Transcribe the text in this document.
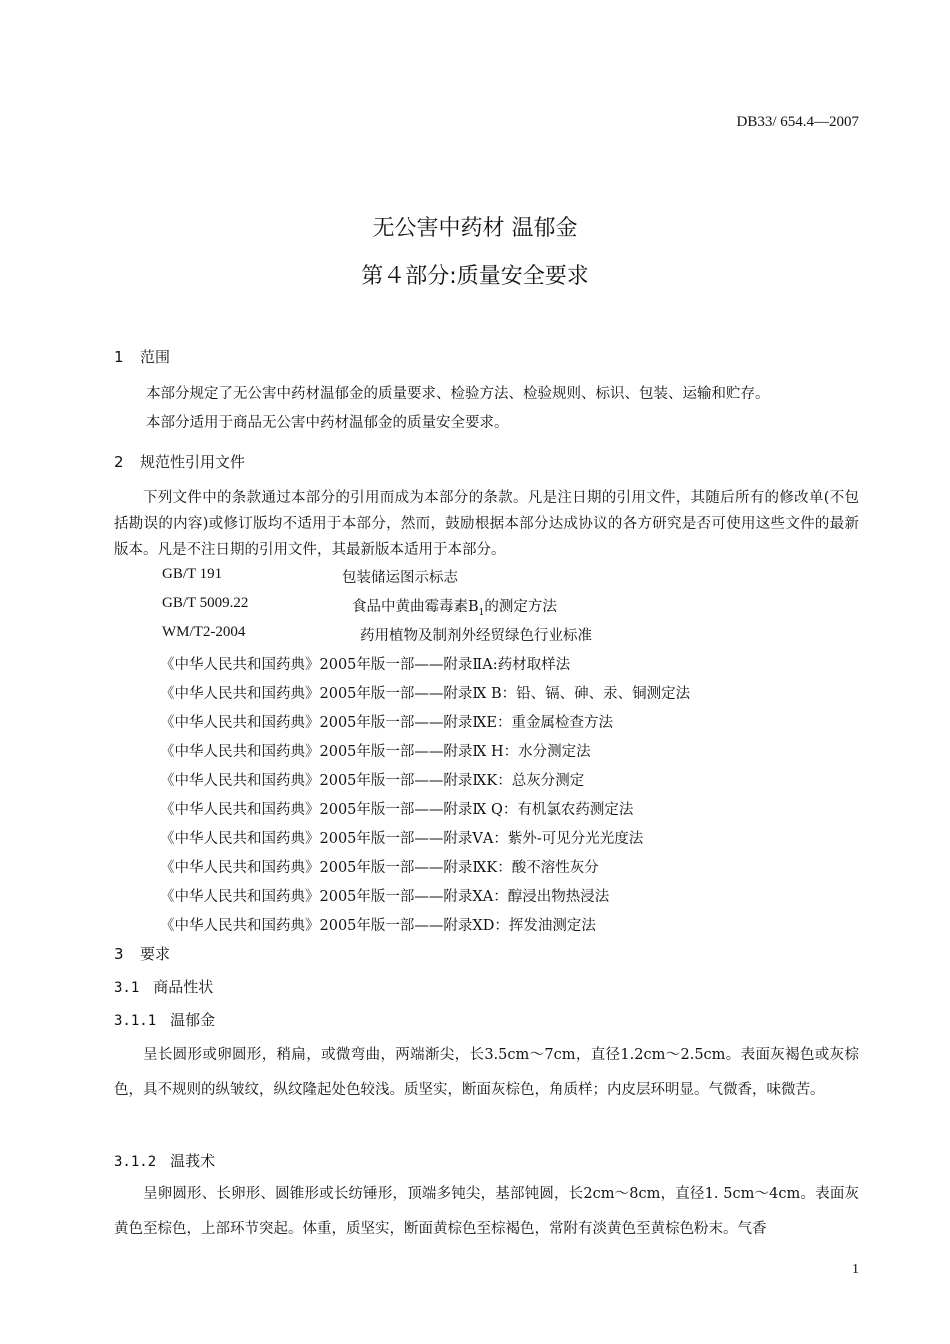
DB33/ 654.4—2007
无公害中药材 温郁金
第４部分:质量安全要求
1 范围
本部分规定了无公害中药材温郁金的质量要求、检验方法、检验规则、标识、包装、运输和贮存。
本部分适用于商品无公害中药材温郁金的质量安全要求。
2 规范性引用文件

下列文件中的条款通过本部分的引用而成为本部分的条款。凡是注日期的引用文件，其随后所有的修改单(不包括勘误的内容)或修订版均不适用于本部分，然而，鼓励根据本部分达成协议的各方研究是否可使用这些文件的最新版本。凡是不注日期的引用文件，其最新版本适用于本部分。

GB/T 191	包装储运图示标志
GB/T 5009.22	食品中黄曲霉毒素$B_1$的测定方法
WM/T2-2004	药用植物及制剂外经贸绿色行业标准
《中华人民共和国药典》2005年版一部——附录ⅡA:药材取样法
《中华人民共和国药典》2005年版一部——附录Ⅸ B：铅、镉、砷、汞、铜测定法
《中华人民共和国药典》2005年版一部——附录ⅨE：重金属检查方法
《中华人民共和国药典》2005年版一部——附录Ⅸ H：水分测定法
《中华人民共和国药典》2005年版一部——附录ⅨK：总灰分测定
《中华人民共和国药典》2005年版一部——附录Ⅸ Q：有机氯农药测定法
《中华人民共和国药典》2005年版一部——附录ⅤA：紫外-可见分光光度法
《中华人民共和国药典》2005年版一部——附录ⅨK：酸不溶性灰分
《中华人民共和国药典》2005年版一部——附录ⅩA：醇浸出物热浸法
《中华人民共和国药典》2005年版一部——附录ⅩD：挥发油测定法
3 要求
3.1 商品性状
3.1.1 温郁金

呈长圆形或卵圆形，稍扁，或微弯曲，两端渐尖，长3.5cm～7cm，直径1.2cm～2.5cm。表面灰褐色或灰棕色，具不规则的纵皱纹，纵纹隆起处色较浅。质坚实，断面灰棕色，角质样；内皮层环明显。气微香，味微苦。

3.1.2 温莪术

呈卵圆形、长卵形、圆锥形或长纺锤形，顶端多钝尖，基部钝圆，长2cm～8cm，直径1. 5cm～4cm。表面灰黄色至棕色，上部环节突起。体重，质坚实，断面黄棕色至棕褐色，常附有淡黄色至黄棕色粉末。气香

1
